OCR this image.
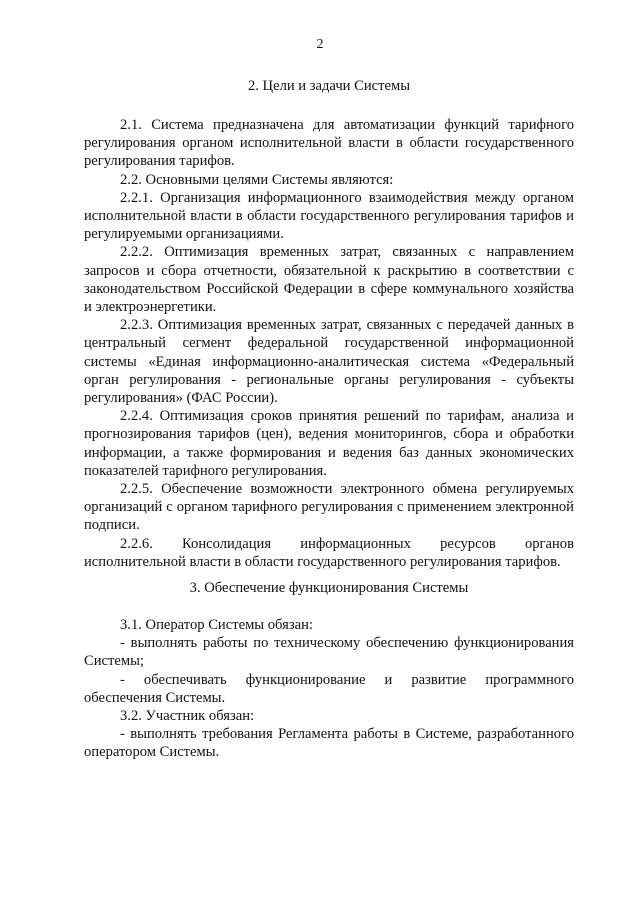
2
2. Цели и задачи Системы

2.1. Система предназначена для автоматизации функций тарифного регулирования органом исполнительной власти в области государственного регулирования тарифов.

2.2. Основными целями Системы являются:

2.2.1. Организация информационного взаимодействия между органом исполнительной власти в области государственного регулирования тарифов и регулируемыми организациями.

2.2.2. Оптимизация временных затрат, связанных с направлением запросов и сбора отчетности, обязательной к раскрытию в соответствии с законодательством Российской Федерации в сфере коммунального хозяйства и электроэнергетики.

2.2.3. Оптимизация временных затрат, связанных с передачей данных в центральный сегмент федеральной государственной информационной системы «Единая информационно-аналитическая система «Федеральный орган регулирования - региональные органы регулирования - субъекты регулирования» (ФАС России).

2.2.4. Оптимизация сроков принятия решений по тарифам, анализа и прогнозирования тарифов (цен), ведения мониторингов, сбора и обработки информации, а также формирования и ведения баз данных экономических показателей тарифного регулирования.

2.2.5. Обеспечение возможности электронного обмена регулируемых организаций с органом тарифного регулирования с применением электронной подписи.

2.2.6. Консолидация информационных ресурсов органов исполнительной власти в области государственного регулирования тарифов.

3. Обеспечение функционирования Системы

3.1. Оператор Системы обязан:

- выполнять работы по техническому обеспечению функционирования Системы;

- обеспечивать функционирование и развитие программного обеспечения Системы.

3.2. Участник обязан:

- выполнять требования Регламента работы в Системе, разработанного оператором Системы.
